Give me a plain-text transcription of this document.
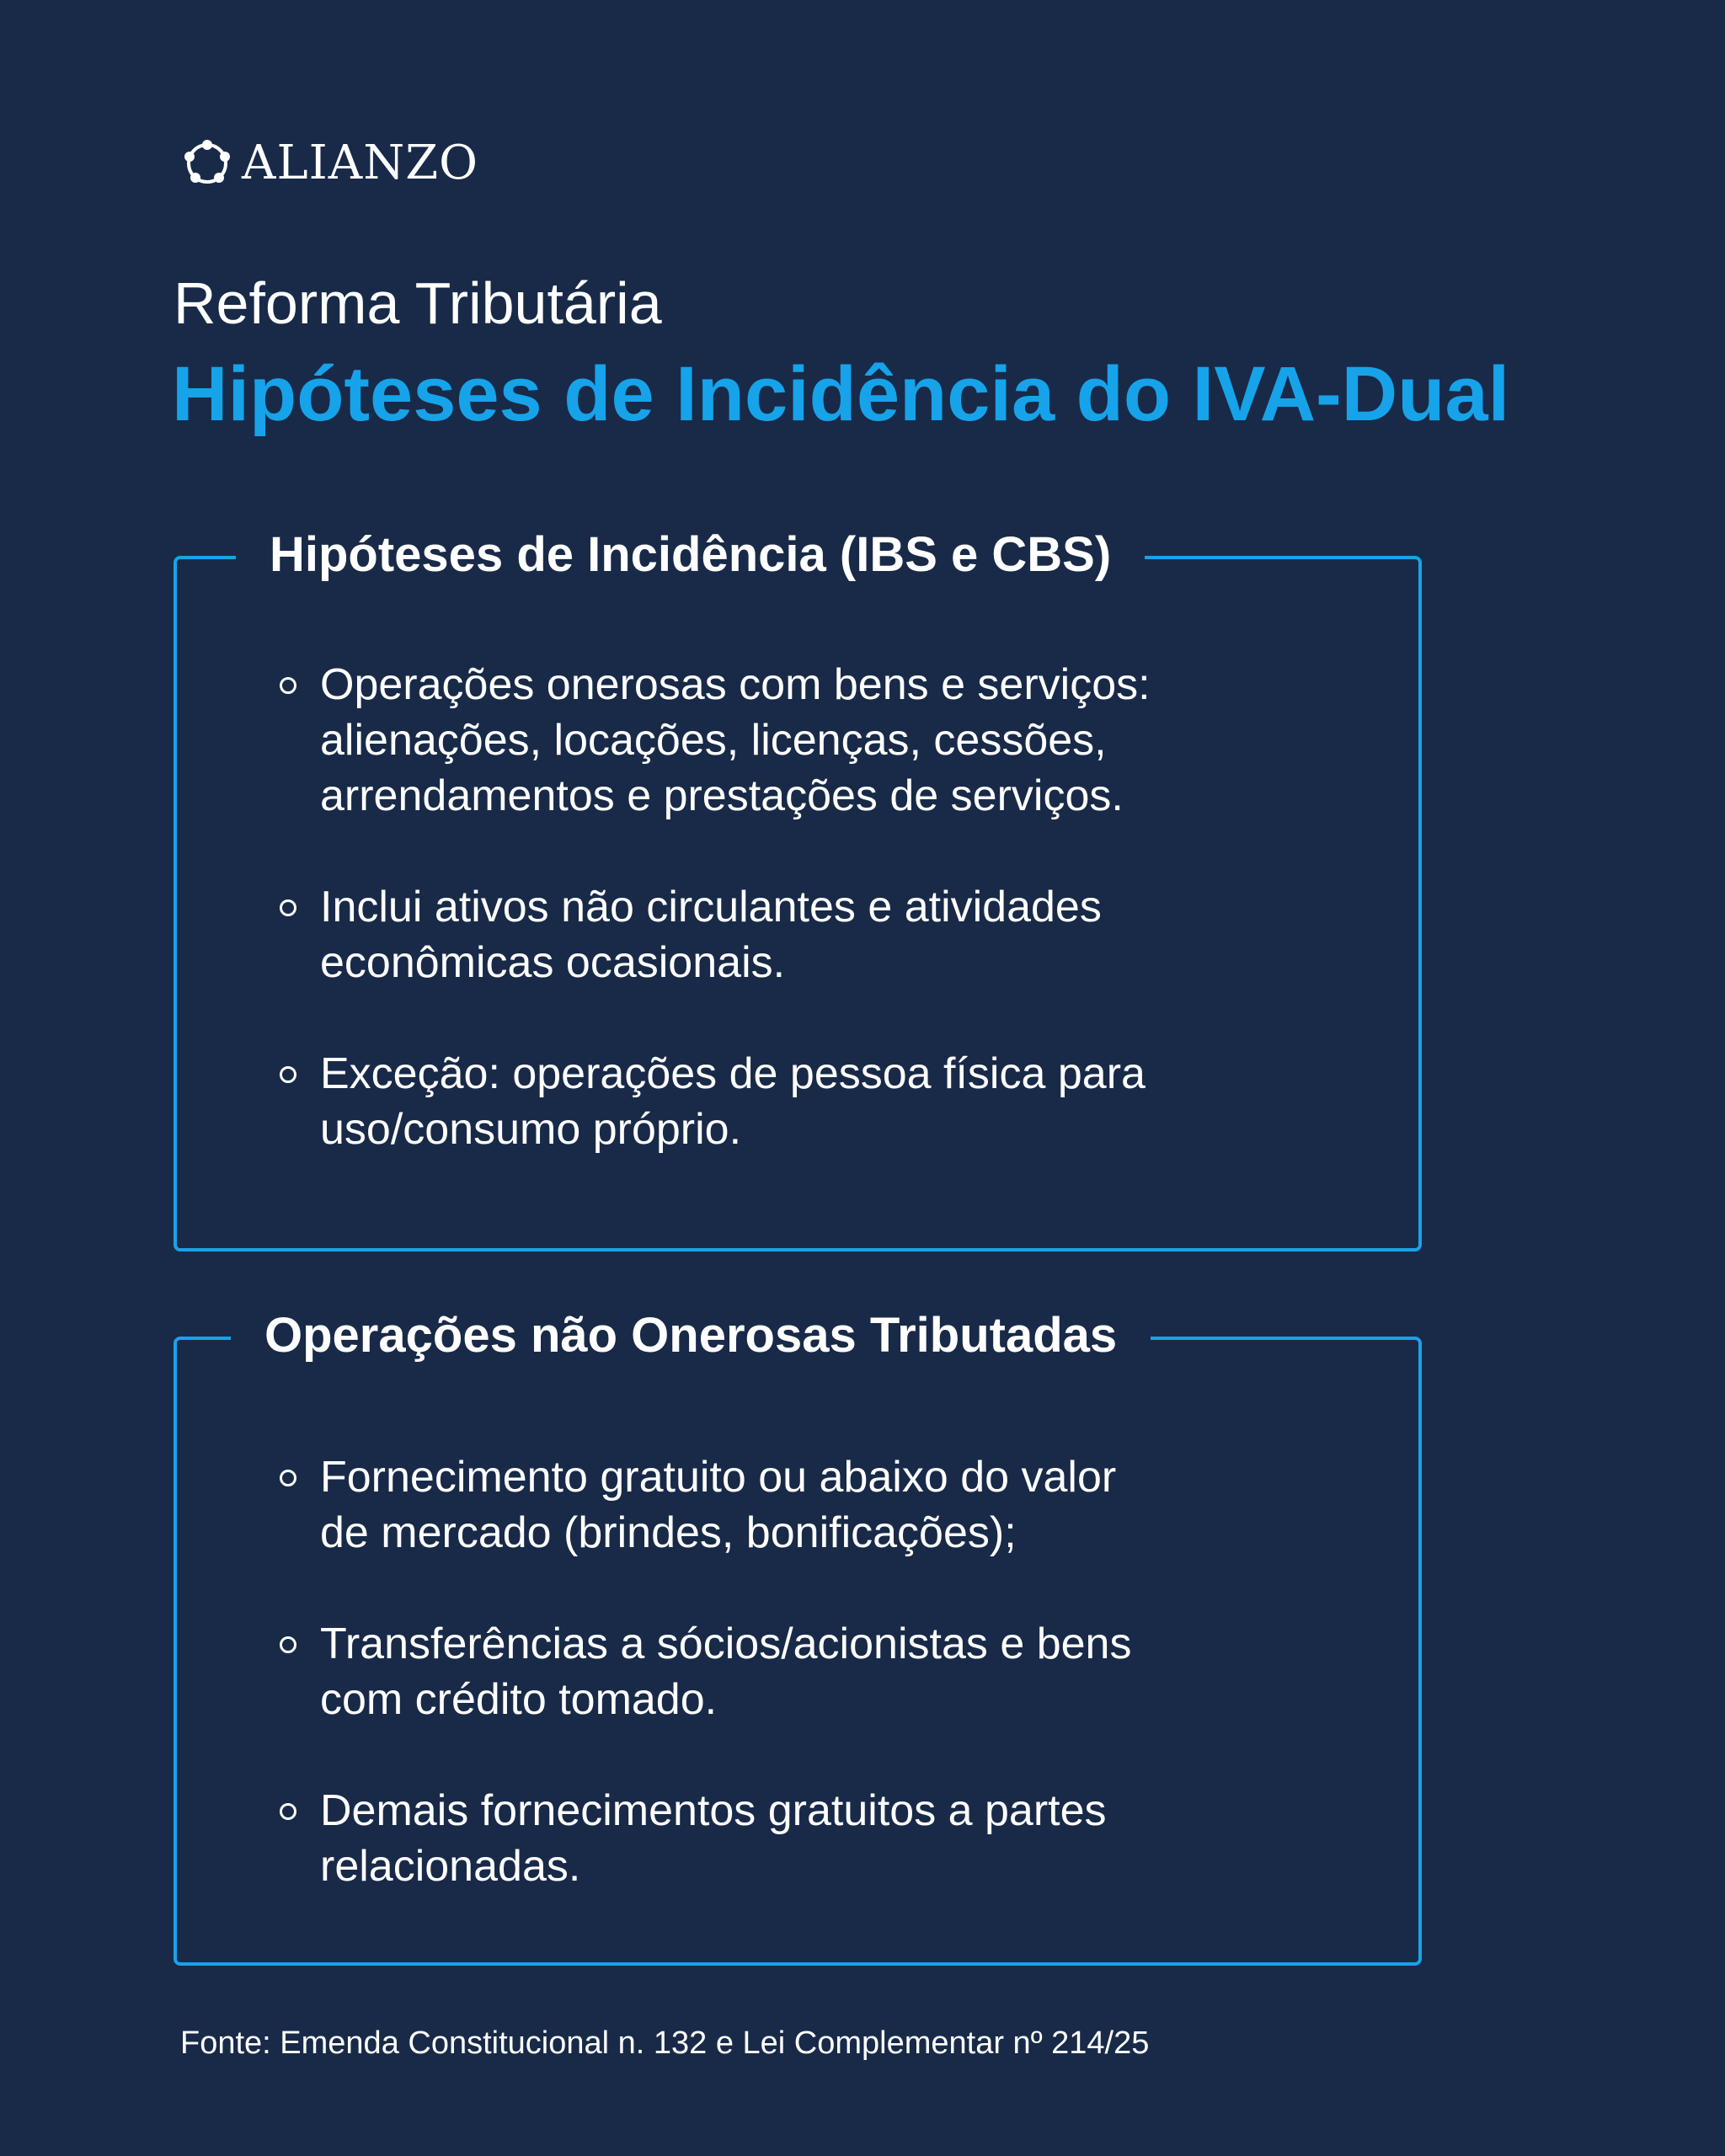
ALIANZO
Reforma Tributária
Hipóteses de Incidência do IVA-Dual
Hipóteses de Incidência (IBS e CBS)
Operações onerosas com bens e serviços:
alienações, locações, licenças, cessões,
arrendamentos e prestações de serviços.
Inclui ativos não circulantes e atividades
econômicas ocasionais.
Exceção: operações de pessoa física para
uso/consumo próprio.
Operações não Onerosas Tributadas
Fornecimento gratuito ou abaixo do valor
de mercado (brindes, bonificações);
Transferências a sócios/acionistas e bens
com crédito tomado.
Demais fornecimentos gratuitos a partes
relacionadas.
Fonte: Emenda Constitucional n. 132 e Lei Complementar nº 214/25
